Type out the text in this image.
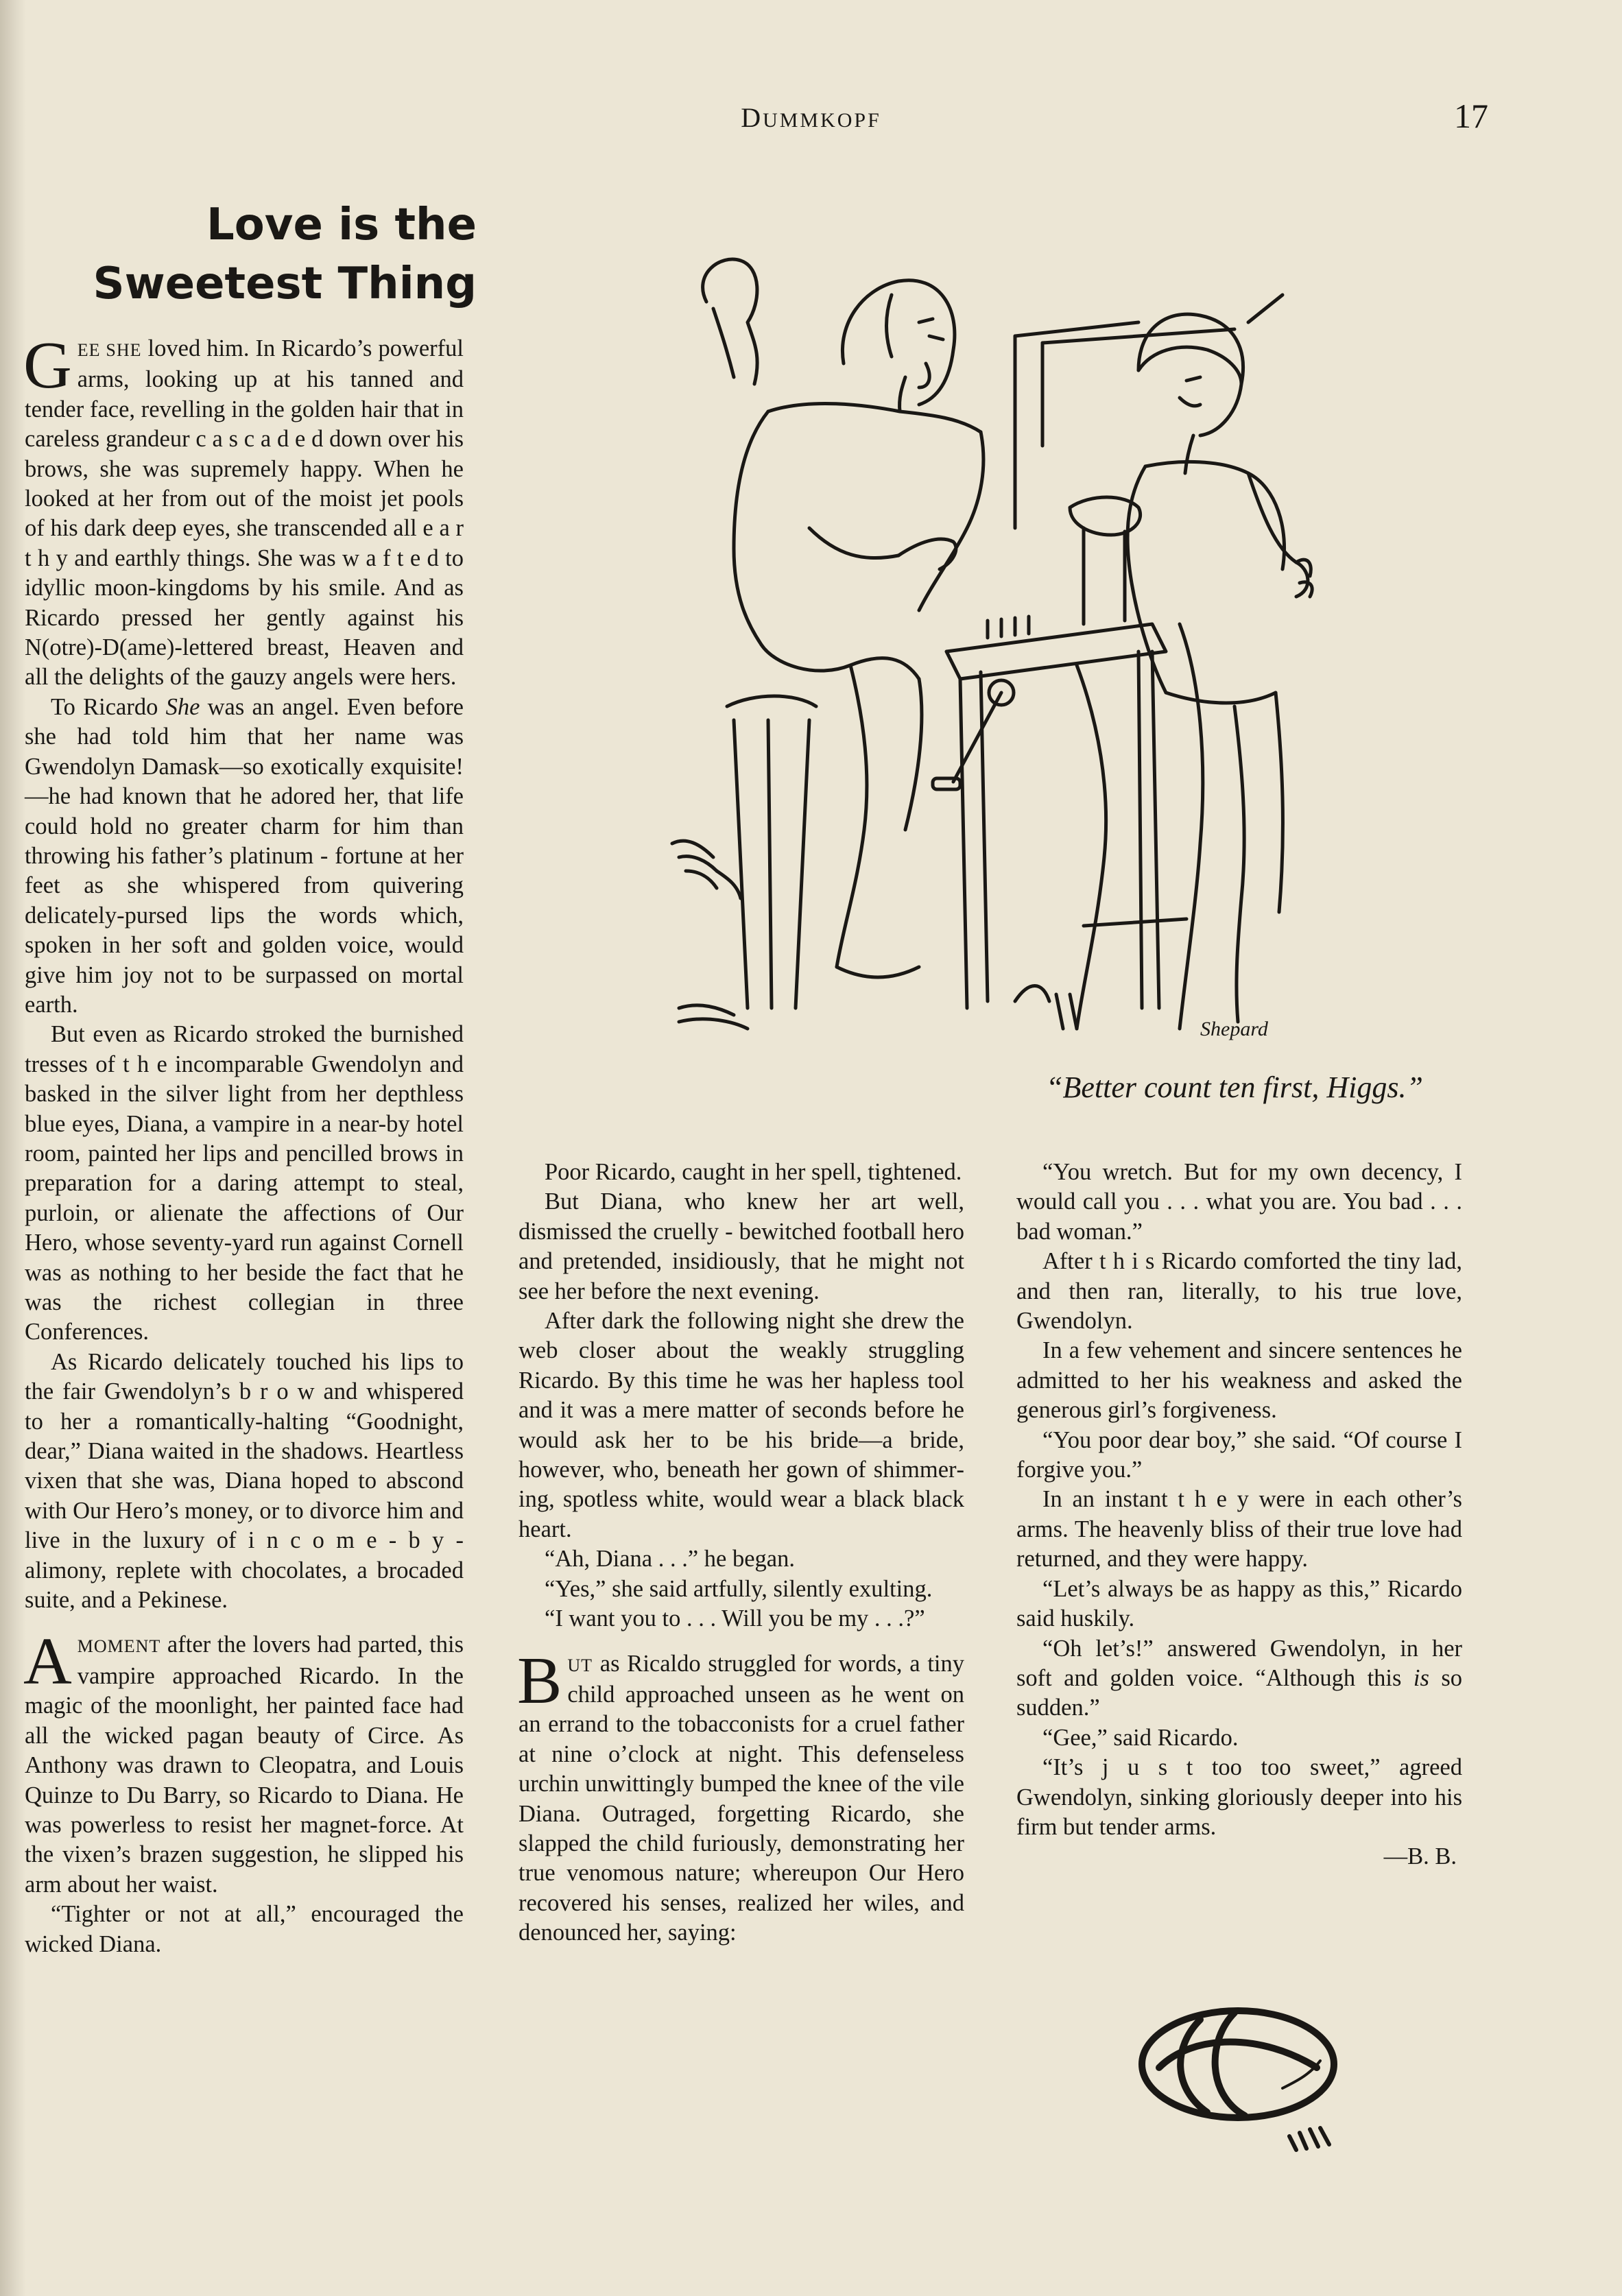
DUMMKOPF	17
Love is the Sweetest Thing

GEE SHE loved him. In Ricardo’s powerful arms, looking up at his tanned and tender face, revelling in the golden hair that in careless grandeur c a s c a d e d down over his brows, she was supremely happy. When he looked at her from out of the moist jet pools of his dark deep eyes, she transcended all e a r t h y and earthly things. She was w a f t e d to idyllic moon-kingdoms by his smile. And as Ricardo pressed her gently against his N(otre)-D(ame)-lettered breast, Heaven and all the delights of the gauzy angels were hers.

To Ricardo She was an angel. Even before she had told him that her name was Gwendolyn Damask—so exotically exquisite!—he had known that he adored her, that life could hold no greater charm for him than throwing his father’s platinum - fortune at her feet as she whispered from quivering delicately-pursed lips the words which, spoken in her soft and golden voice, would give him joy not to be surpassed on mortal earth.

But even as Ricardo stroked the burnished tresses of t h e incomparable Gwendolyn and basked in the silver light from her depthless blue eyes, Diana, a vampire in a near-by hotel room, painted her lips and pencilled brows in preparation for a daring attempt to steal, purloin, or alienate the affections of Our Hero, whose seventy-yard run against Cornell was as nothing to her beside the fact that he was the richest collegian in three Conferences.

As Ricardo delicately touched his lips to the fair Gwendolyn’s b r o w and whispered to her a romantically-halting “Goodnight, dear,” Diana waited in the shadows. Heartless vixen that she was, Diana hoped to abscond with Our Hero’s money, or to divorce him and live in the luxury of i n c o m e - b y - alimony, replete with chocolates, a brocaded suite, and a Pekinese.

AMOMENT after the lovers had parted, this vampire approached Ricardo. In the magic of the moonlight, her painted face had all the wicked pagan beauty of Circe. As Anthony was drawn to Cleopatra, and Louis Quinze to Du Barry, so Ricardo to Diana. He was powerless to resist her magnet-force. At the vixen’s brazen suggestion, he slipped his arm about her waist.

“Tighter or not at all,” encouraged the wicked Diana.

Poor Ricardo, caught in her spell, tightened.

But Diana, who knew her art well, dismissed the cruelly - bewitched football hero and pretended, insidiously, that he might not see her before the next evening.

After dark the following night she drew the web closer about the weakly struggling Ricardo. By this time he was her hapless tool and it was a mere matter of seconds before he would ask her to be his bride—a bride, however, who, beneath her gown of shimmering, spotless white, would wear a black black heart.

“Ah, Diana . . .” he began.

“Yes,” she said artfully, silently exulting.

“I want you to . . . Will you be my . . .?”

BUT as Ricaldo struggled for words, a tiny child approached unseen as he went on an errand to the tobacconists for a cruel father at nine o’clock at night. This defenseless urchin unwittingly bumped the knee of the vile Diana. Outraged, forgetting Ricardo, she slapped the child furiously, demonstrating her true venomous nature; whereupon Our Hero recovered his senses, realized her wiles, and denounced her, saying:

“You wretch. But for my own decency, I would call you . . . what you are. You bad . . . bad woman.”

After t h i s Ricardo comforted the tiny lad, and then ran, literally, to his true love, Gwendolyn.

In a few vehement and sincere sentences he admitted to her his weakness and asked the generous girl’s forgiveness.

“You poor dear boy,” she said. “Of course I forgive you.”

In an instant t h e y were in each other’s arms. The heavenly bliss of their true love had returned, and they were happy.

“Let’s always be as happy as this,” Ricardo said huskily.

“Oh let’s!” answered Gwendolyn, in her soft and golden voice. “Although this is so sudden.”

“Gee,” said Ricardo.

“It’s j u s t too too sweet,” agreed Gwendolyn, sinking gloriously deeper into his firm but tender arms.

—B. B.

Shepard
“Better count ten first, Higgs.”
